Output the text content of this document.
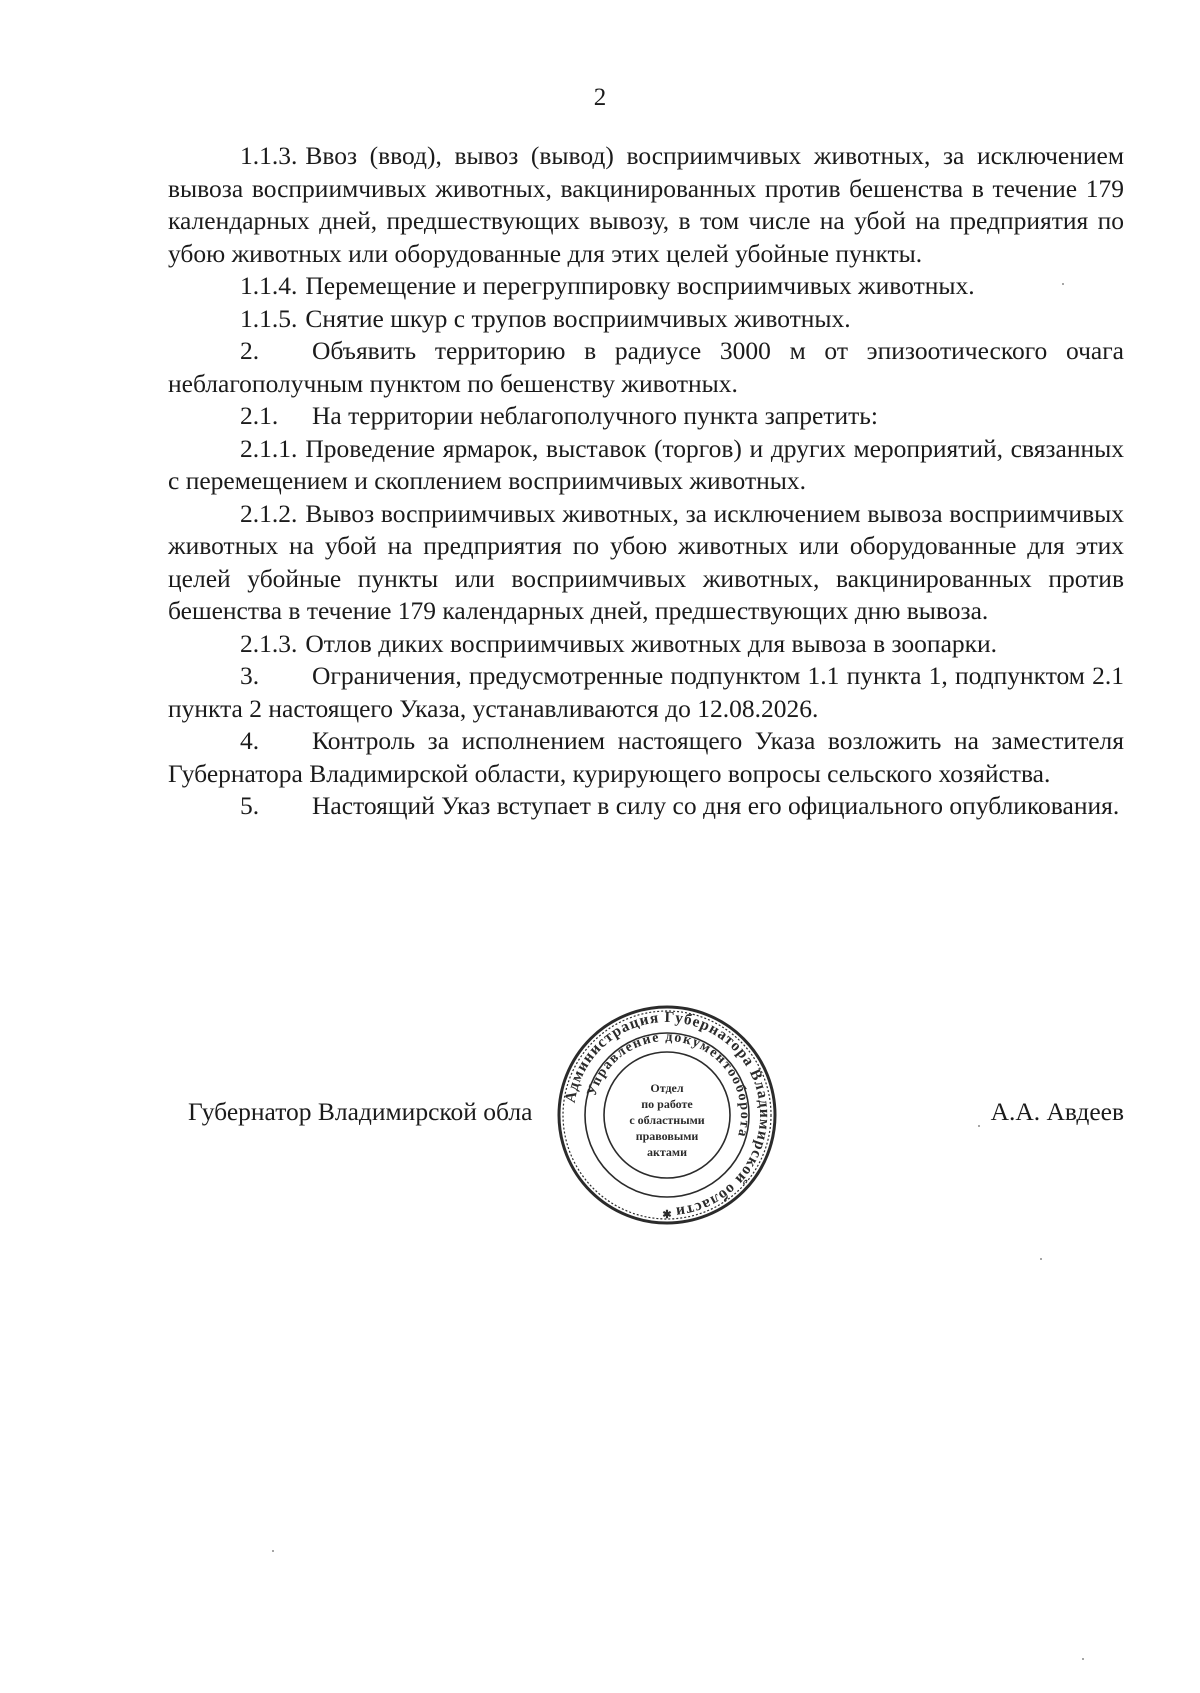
2

1.1.3. Ввоз (ввод), вывоз (вывод) восприимчивых животных, за исключением вывоза восприимчивых животных, вакцинированных против бешенства в течение 179 календарных дней, предшествующих вывозу, в том числе на убой на предприятия по убою животных или оборудованные для этих целей убойные пункты.

1.1.4. Перемещение и перегруппировку восприимчивых животных.

1.1.5. Снятие шкур с трупов восприимчивых животных.

2. Объявить территорию в радиусе 3000 м от эпизоотического очага неблагополучным пунктом по бешенству животных.

2.1. На территории неблагополучного пункта запретить:

2.1.1. Проведение ярмарок, выставок (торгов) и других мероприятий, связанных с перемещением и скоплением восприимчивых животных.

2.1.2. Вывоз восприимчивых животных, за исключением вывоза восприимчивых животных на убой на предприятия по убою животных или оборудованные для этих целей убойные пункты или восприимчивых животных, вакцинированных против бешенства в течение 179 календарных дней, предшествующих дню вывоза.

2.1.3. Отлов диких восприимчивых животных для вывоза в зоопарки.

3. Ограничения, предусмотренные подпунктом 1.1 пункта 1, подпунктом 2.1 пункта 2 настоящего Указа, устанавливаются до 12.08.2026.

4. Контроль за исполнением настоящего Указа возложить на заместителя Губернатора Владимирской области, курирующего вопросы сельского хозяйства.

5. Настоящий Указ вступает в силу со дня его официального опубликования.

Губернатор Владимирской обла	А.А. Авдеев
Администрация Губернатора Владимирской области
Управление документооборота
Отдел
по работе
с областными
правовыми
актами
✱
